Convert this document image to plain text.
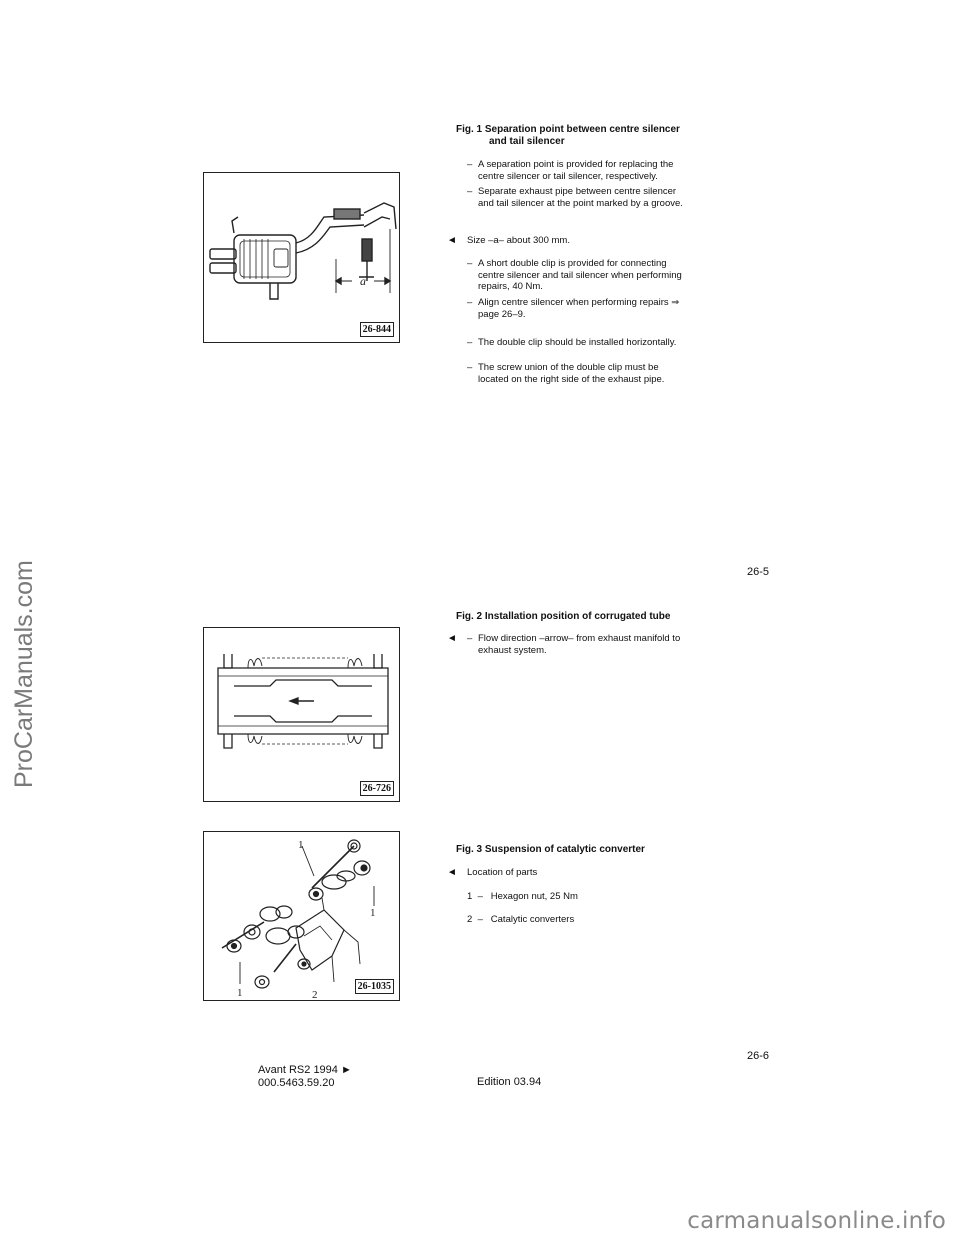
ProCarManuals.com
a
26-844
Fig. 1 Separation point between centre silencer
and tail silencer
– A separation point is provided for replacing the
centre silencer or tail silencer, respectively.
– Separate exhaust pipe between centre silencer
and tail silencer at the point marked by a groove.
◄ Size –a– about 300 mm.
– A short double clip is provided for connecting
centre silencer and tail silencer when performing
repairs, 40 Nm.
– Align centre silencer when performing repairs ⇒
page 26–9.
– The double clip should be installed horizontally.
– The screw union of the double clip must be
located on the right side of the exhaust pipe.
26-726
Fig. 2 Installation position of corrugated tube
◄ – Flow direction –arrow– from exhaust manifold to
exhaust system.
1
1
1	2
26-1035
Fig. 3 Suspension of catalytic converter
◄ Location of parts
1  –   Hexagon nut, 25 Nm
2  –   Catalytic converters
26-5
26-6
Avant RS2 1994 ►
000.5463.59.20	Edition 03.94
carmanualsonline.info
